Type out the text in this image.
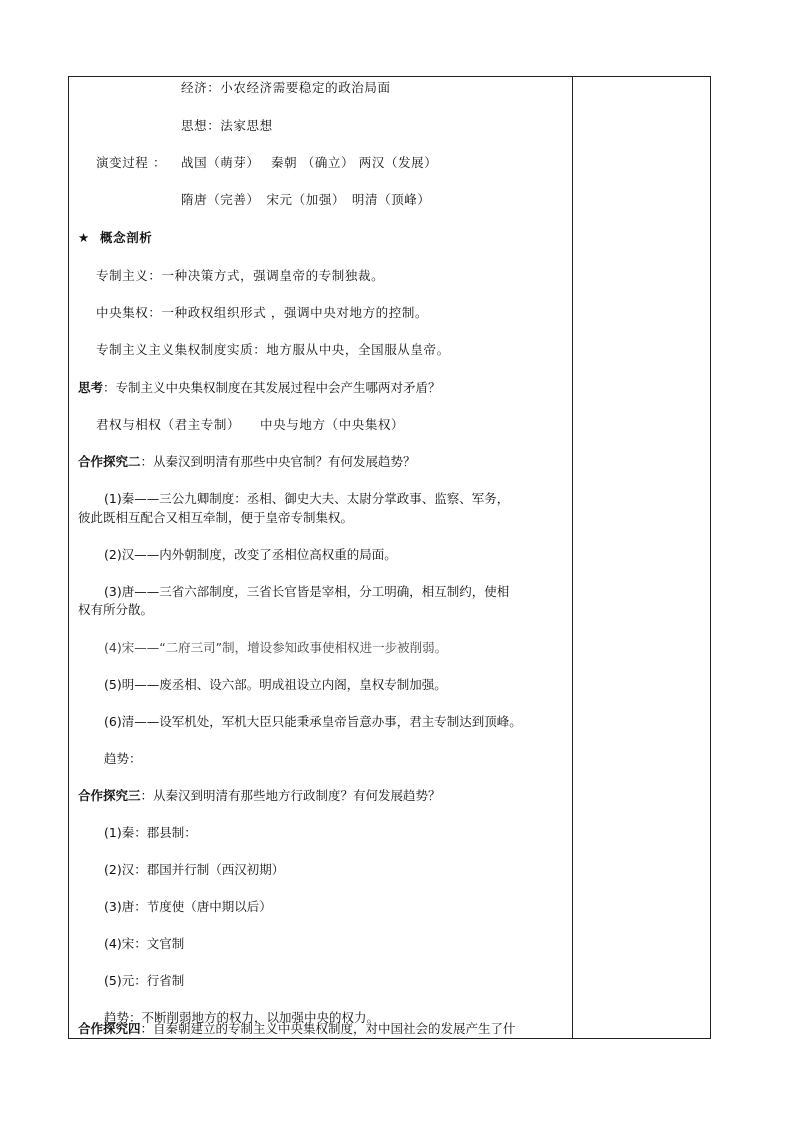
经济：小农经济需要稳定的政治局面
思想：法家思想
演变过程 ： 战国（萌芽）　 秦朝 （确立） 两汉（发展）
隋唐（完善）　宋元（加强）　明清（顶峰）
★ 概念剖析
专制主义：一种决策方式，强调皇帝的专制独裁。
中央集权：一种政权组织形式 ，强调中央对地方的控制。
专制主义主义集权制度实质：地方服从中央，全国服从皇帝。
思考：专制主义中央集权制度在其发展过程中会产生哪两对矛盾？
君权与相权（君主专制）　　中央与地方（中央集权）
合作探究二：从秦汉到明清有那些中央官制？有何发展趋势？
(1)秦——三公九卿制度：丞相、御史大夫、太尉分掌政事、监察、军务，
彼此既相互配合又相互牵制，便于皇帝专制集权。
(2)汉——内外朝制度，改变了丞相位高权重的局面。
(3)唐——三省六部制度，三省长官皆是宰相，分工明确，相互制约，使相
权有所分散。
(4)宋——“二府三司”制，增设参知政事使相权进一步被削弱。
(5)明——废丞相、设六部。明成祖设立内阁，皇权专制加强。
(6)清——设军机处，军机大臣只能秉承皇帝旨意办事，君主专制达到顶峰。
趋势：
合作探究三：从秦汉到明清有那些地方行政制度？有何发展趋势？
(1)秦：郡县制：
(2)汉：郡国并行制（西汉初期）
(3)唐：节度使（唐中期以后）
(4)宋：文官制
(5)元：行省制
趋势：不断削弱地方的权力，以加强中央的权力。
合作探究四：自秦朝建立的专制主义中央集权制度，对中国社会的发展产生了什
